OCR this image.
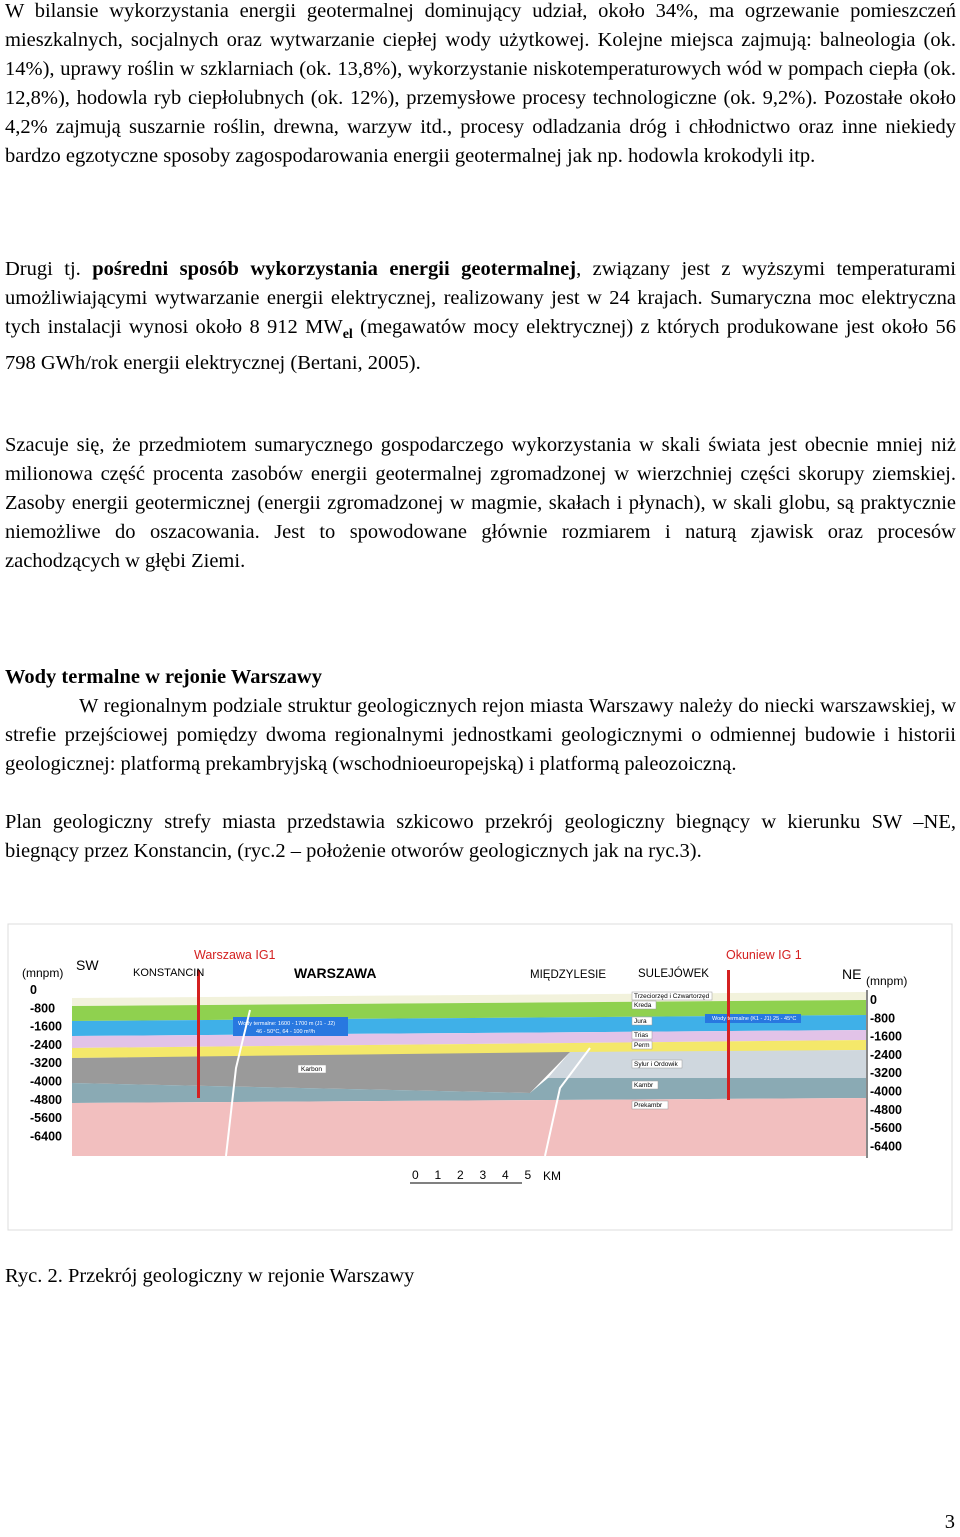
W bilansie wykorzystania energii geotermalnej dominujący udział, około 34%, ma ogrzewanie pomieszczeń mieszkalnych, socjalnych oraz wytwarzanie ciepłej wody użytkowej. Kolejne miejsca zajmują: balneologia (ok. 14%), uprawy roślin w szklarniach (ok. 13,8%), wykorzystanie niskotemperaturowych wód w pompach ciepła (ok. 12,8%), hodowla ryb ciepłolubnych (ok. 12%), przemysłowe procesy technologiczne (ok. 9,2%). Pozostałe około 4,2% zajmują suszarnie roślin, drewna, warzyw itd., procesy odladzania dróg i chłodnictwo oraz inne niekiedy bardzo egzotyczne sposoby zagospodarowania energii geotermalnej jak np. hodowla krokodyli itp.

Drugi tj. pośredni sposób wykorzystania energii geotermalnej, związany jest z wyższymi temperaturami umożliwiającymi wytwarzanie energii elektrycznej, realizowany jest w 24 krajach. Sumaryczna moc elektryczna tych instalacji wynosi około 8 912 $MW_{el}$ (megawatów mocy elektrycznej) z których produkowane jest około 56 798 GWh/rok energii elektrycznej (Bertani, 2005).

Szacuje się, że przedmiotem sumarycznego gospodarczego wykorzystania w skali świata jest obecnie mniej niż milionowa część procenta zasobów energii geotermalnej zgromadzonej w wierzchniej części skorupy ziemskiej. Zasoby energii geotermicznej (energii zgromadzonej w magmie, skałach i płynach), w skali globu, są praktycznie niemożliwe do oszacowania. Jest to spowodowane głównie rozmiarem i naturą zjawisk oraz procesów zachodzących w głębi Ziemi.

Wody termalne w rejonie Warszawy

W regionalnym podziale struktur geologicznych rejon miasta Warszawy należy do niecki warszawskiej, w strefie przejściowej pomiędzy dwoma regionalnymi jednostkami geologicznymi o odmiennej budowie i historii geologicznej: platformą prekambryjską (wschodnioeuropejską) i platformą paleozoiczną.

Plan geologiczny strefy miasta przedstawia szkicowo przekrój geologiczny biegnący w kierunku SW –NE, biegnący przez Konstancin, (ryc.2 – położenie otworów geologicznych jak na ryc.3).

Warszawa IG1	Okuniew IG 1
Wody termalne: 1600 - 1700 m (J1 - J2)
46 - 50°C, 64 - 100 m³/h
Wody termalne (K1 - J1) 25 - 45°C
Trzeciorzęd i Czwartorzęd
Kreda
Jura
Trias
Perm
Sylur i Ordowik
Kambr
Prekambr
Karbon
SW
NE
KONSTANCIN	WARSZAWA	MIĘDZYLESIE	SULEJÓWEK
(mnpm)
0
-800
-1600
-2400
-3200
-4000
-4800
-5600
-6400
(mnpm)
0
-800
-1600
-2400
-3200
-4000
-4800
-5600
-6400
0 1 2 3 4 5 KM

Ryc. 2. Przekrój geologiczny w rejonie Warszawy

3
